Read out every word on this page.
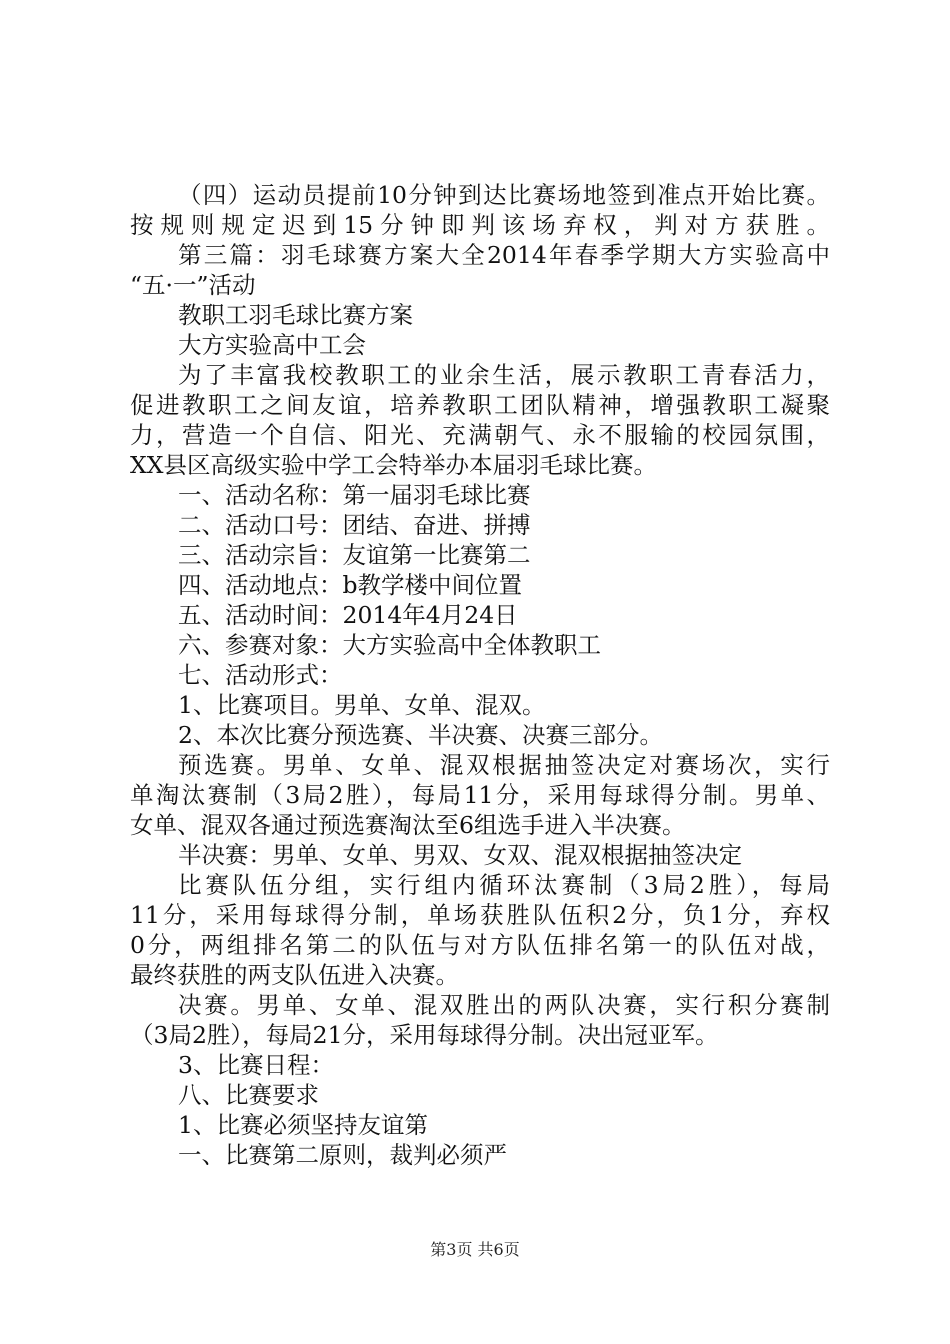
（四）运动员提前10分钟到达比赛场地签到准点开始比赛。
按规则规定迟到15分钟即判该场弃权，判对方获胜。
第三篇：羽毛球赛方案大全2014年春季学期大方实验高中
“五·一”活动
教职工羽毛球比赛方案
大方实验高中工会
为了丰富我校教职工的业余生活，展示教职工青春活力，
促进教职工之间友谊，培养教职工团队精神，增强教职工凝聚
力，营造一个自信、阳光、充满朝气、永不服输的校园氛围，
XX县区高级实验中学工会特举办本届羽毛球比赛。
一、活动名称：第一届羽毛球比赛
二、活动口号：团结、奋进、拼搏
三、活动宗旨：友谊第一比赛第二
四、活动地点：b教学楼中间位置
五、活动时间：2014年4月24日
六、参赛对象：大方实验高中全体教职工
七、活动形式：
1、比赛项目。男单、女单、混双。
2、本次比赛分预选赛、半决赛、决赛三部分。
预选赛。男单、女单、混双根据抽签决定对赛场次，实行
单淘汰赛制（3局2胜），每局11分，采用每球得分制。男单、
女单、混双各通过预选赛淘汰至6组选手进入半决赛。
半决赛：男单、女单、男双、女双、混双根据抽签决定
比赛队伍分组，实行组内循环汰赛制（3局2胜），每局
11分，采用每球得分制，单场获胜队伍积2分，负1分，弃权
0分，两组排名第二的队伍与对方队伍排名第一的队伍对战，
最终获胜的两支队伍进入决赛。
决赛。男单、女单、混双胜出的两队决赛，实行积分赛制
（3局2胜），每局21分，采用每球得分制。决出冠亚军。
3、比赛日程：
八、比赛要求
1、比赛必须坚持友谊第
一、比赛第二原则，裁判必须严
第3页 共6页
